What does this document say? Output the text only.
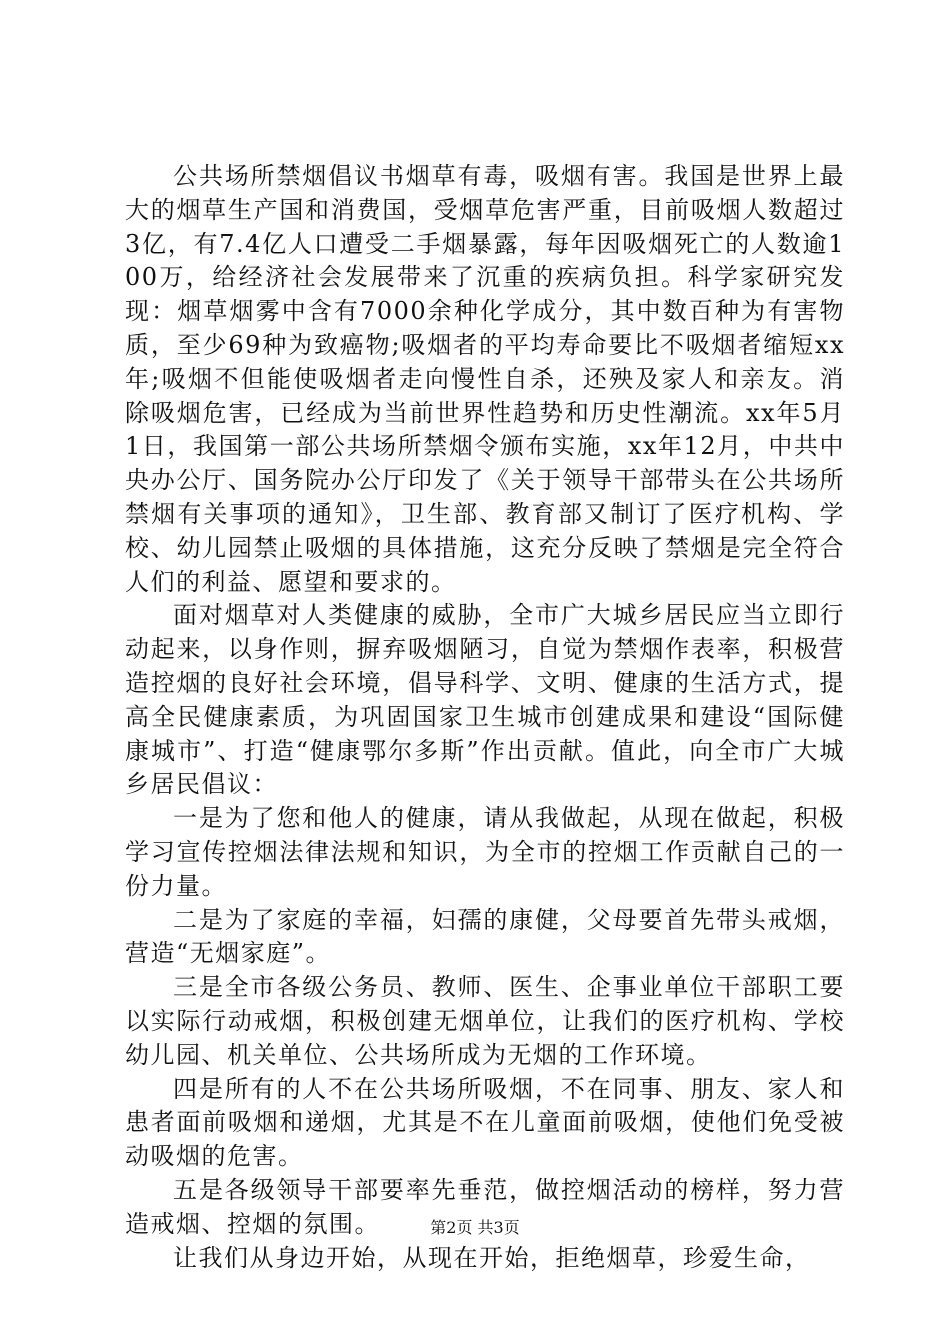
公共场所禁烟倡议书烟草有毒，吸烟有害。我国是世界上最大的烟草生产国和消费国，受烟草危害严重，目前吸烟人数超过3亿，有7.4亿人口遭受二手烟暴露，每年因吸烟死亡的人数逾100万，给经济社会发展带来了沉重的疾病负担。科学家研究发现：烟草烟雾中含有7000余种化学成分，其中数百种为有害物质，至少69种为致癌物;吸烟者的平均寿命要比不吸烟者缩短xx年;吸烟不但能使吸烟者走向慢性自杀，还殃及家人和亲友。消除吸烟危害，已经成为当前世界性趋势和历史性潮流。xx年5月1日，我国第一部公共场所禁烟令颁布实施，xx年12月，中共中央办公厅、国务院办公厅印发了《关于领导干部带头在公共场所禁烟有关事项的通知》，卫生部、教育部又制订了医疗机构、学校、幼儿园禁止吸烟的具体措施，这充分反映了禁烟是完全符合人们的利益、愿望和要求的。

面对烟草对人类健康的威胁，全市广大城乡居民应当立即行动起来，以身作则，摒弃吸烟陋习，自觉为禁烟作表率，积极营造控烟的良好社会环境，倡导科学、文明、健康的生活方式，提高全民健康素质，为巩固国家卫生城市创建成果和建设“国际健康城市”、打造“健康鄂尔多斯”作出贡献。值此，向全市广大城乡居民倡议：

一是为了您和他人的健康，请从我做起，从现在做起，积极学习宣传控烟法律法规和知识，为全市的控烟工作贡献自己的一份力量。

二是为了家庭的幸福，妇孺的康健，父母要首先带头戒烟，营造“无烟家庭”。

三是全市各级公务员、教师、医生、企事业单位干部职工要以实际行动戒烟，积极创建无烟单位，让我们的医疗机构、学校幼儿园、机关单位、公共场所成为无烟的工作环境。

四是所有的人不在公共场所吸烟，不在同事、朋友、家人和患者面前吸烟和递烟，尤其是不在儿童面前吸烟，使他们免受被动吸烟的危害。

五是各级领导干部要率先垂范，做控烟活动的榜样，努力营造戒烟、控烟的氛围。

让我们从身边开始，从现在开始，拒绝烟草，珍爱生命，

第2页 共3页
